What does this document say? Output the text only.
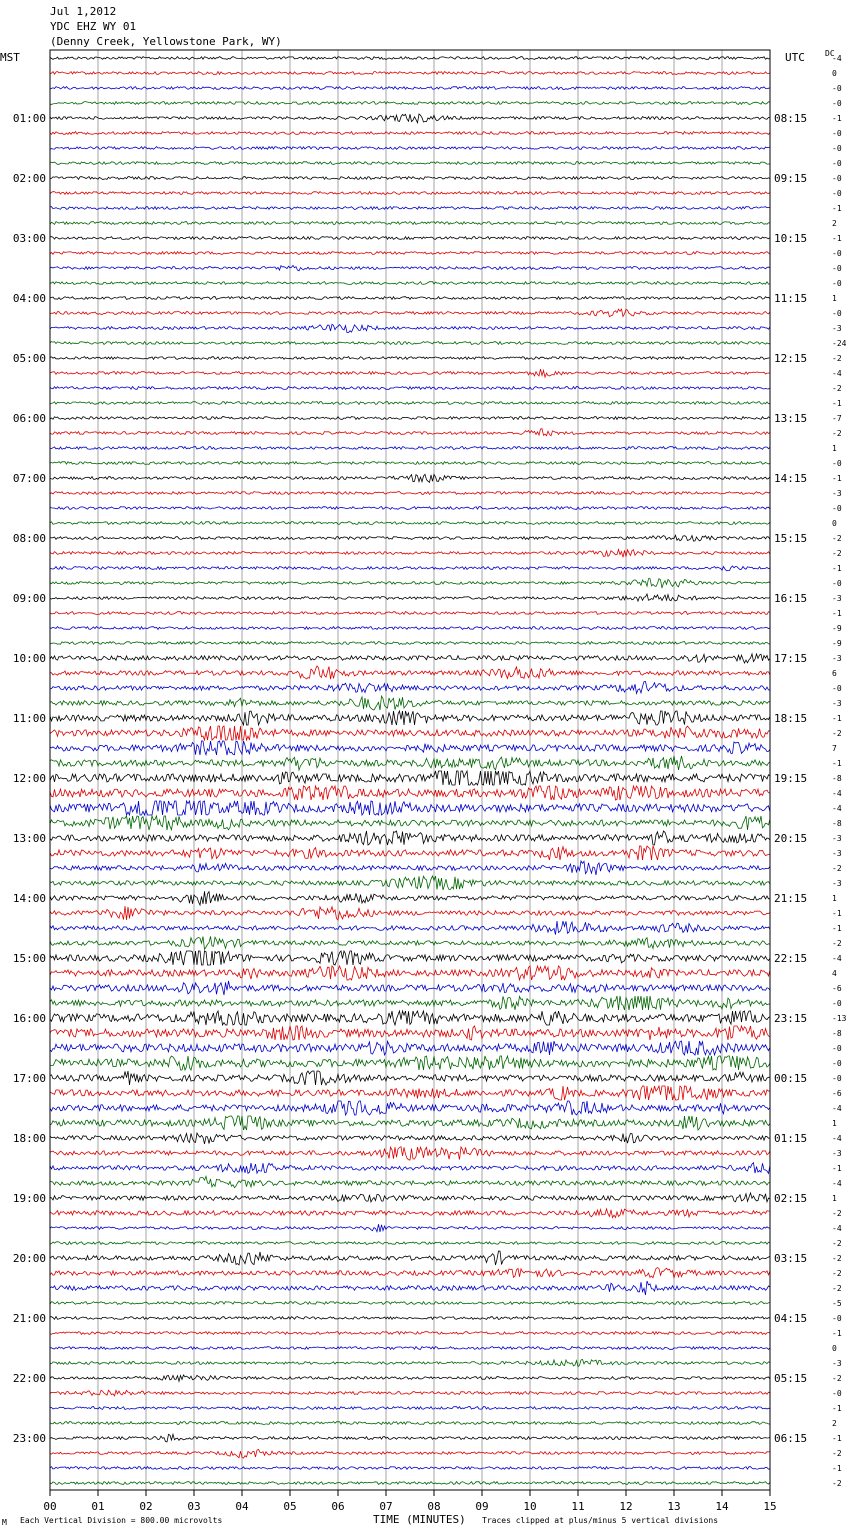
Jul 1,2012
YDC EHZ WY 01
(Denny Creek, Yellowstone Park, WY)
MST	UTC	DC
-4
0
-0
-0
-1
-0
-0
-0
-0
-0
-1
2
-1
-0
-0
-0
1
-0
-3
-24
-2
-4
-2
-1
-7
-2
1
-0
-1
-3
-0
0
-2
-2
-1
-0
-3
-1
-9
-9
-3
6
-0
-3
-1
-2
7
-1
-8
-4
-4
-8
-3
-3
-2
-3
1
-1
-1
-2
-4
4
-6
-0
-13
-8
-0
-0
-0
-6
-4
1
-4
-3
-1
-4
1
-2
-4
-2
-2
-2
-2
-5
-0
-1
0
-3
-2
-0
-1
2
-1
-2
-1
-2
01:00	08:15
02:00	09:15
03:00	10:15
04:00	11:15
05:00	12:15
06:00	13:15
07:00	14:15
08:00	15:15
09:00	16:15
10:00	17:15
11:00	18:15
12:00	19:15
13:00	20:15
14:00	21:15
15:00	22:15
16:00	23:15
17:00	00:15
18:00	01:15
19:00	02:15
20:00	03:15
21:00	04:15
22:00	05:15
23:00	06:15
00	01	02	03	04	05	06	07	08	09	10	11	12	13	14	15
M Each Vertical Division = 800.00 microvolts	TIME (MINUTES) Traces clipped at plus/minus 5 vertical divisions
